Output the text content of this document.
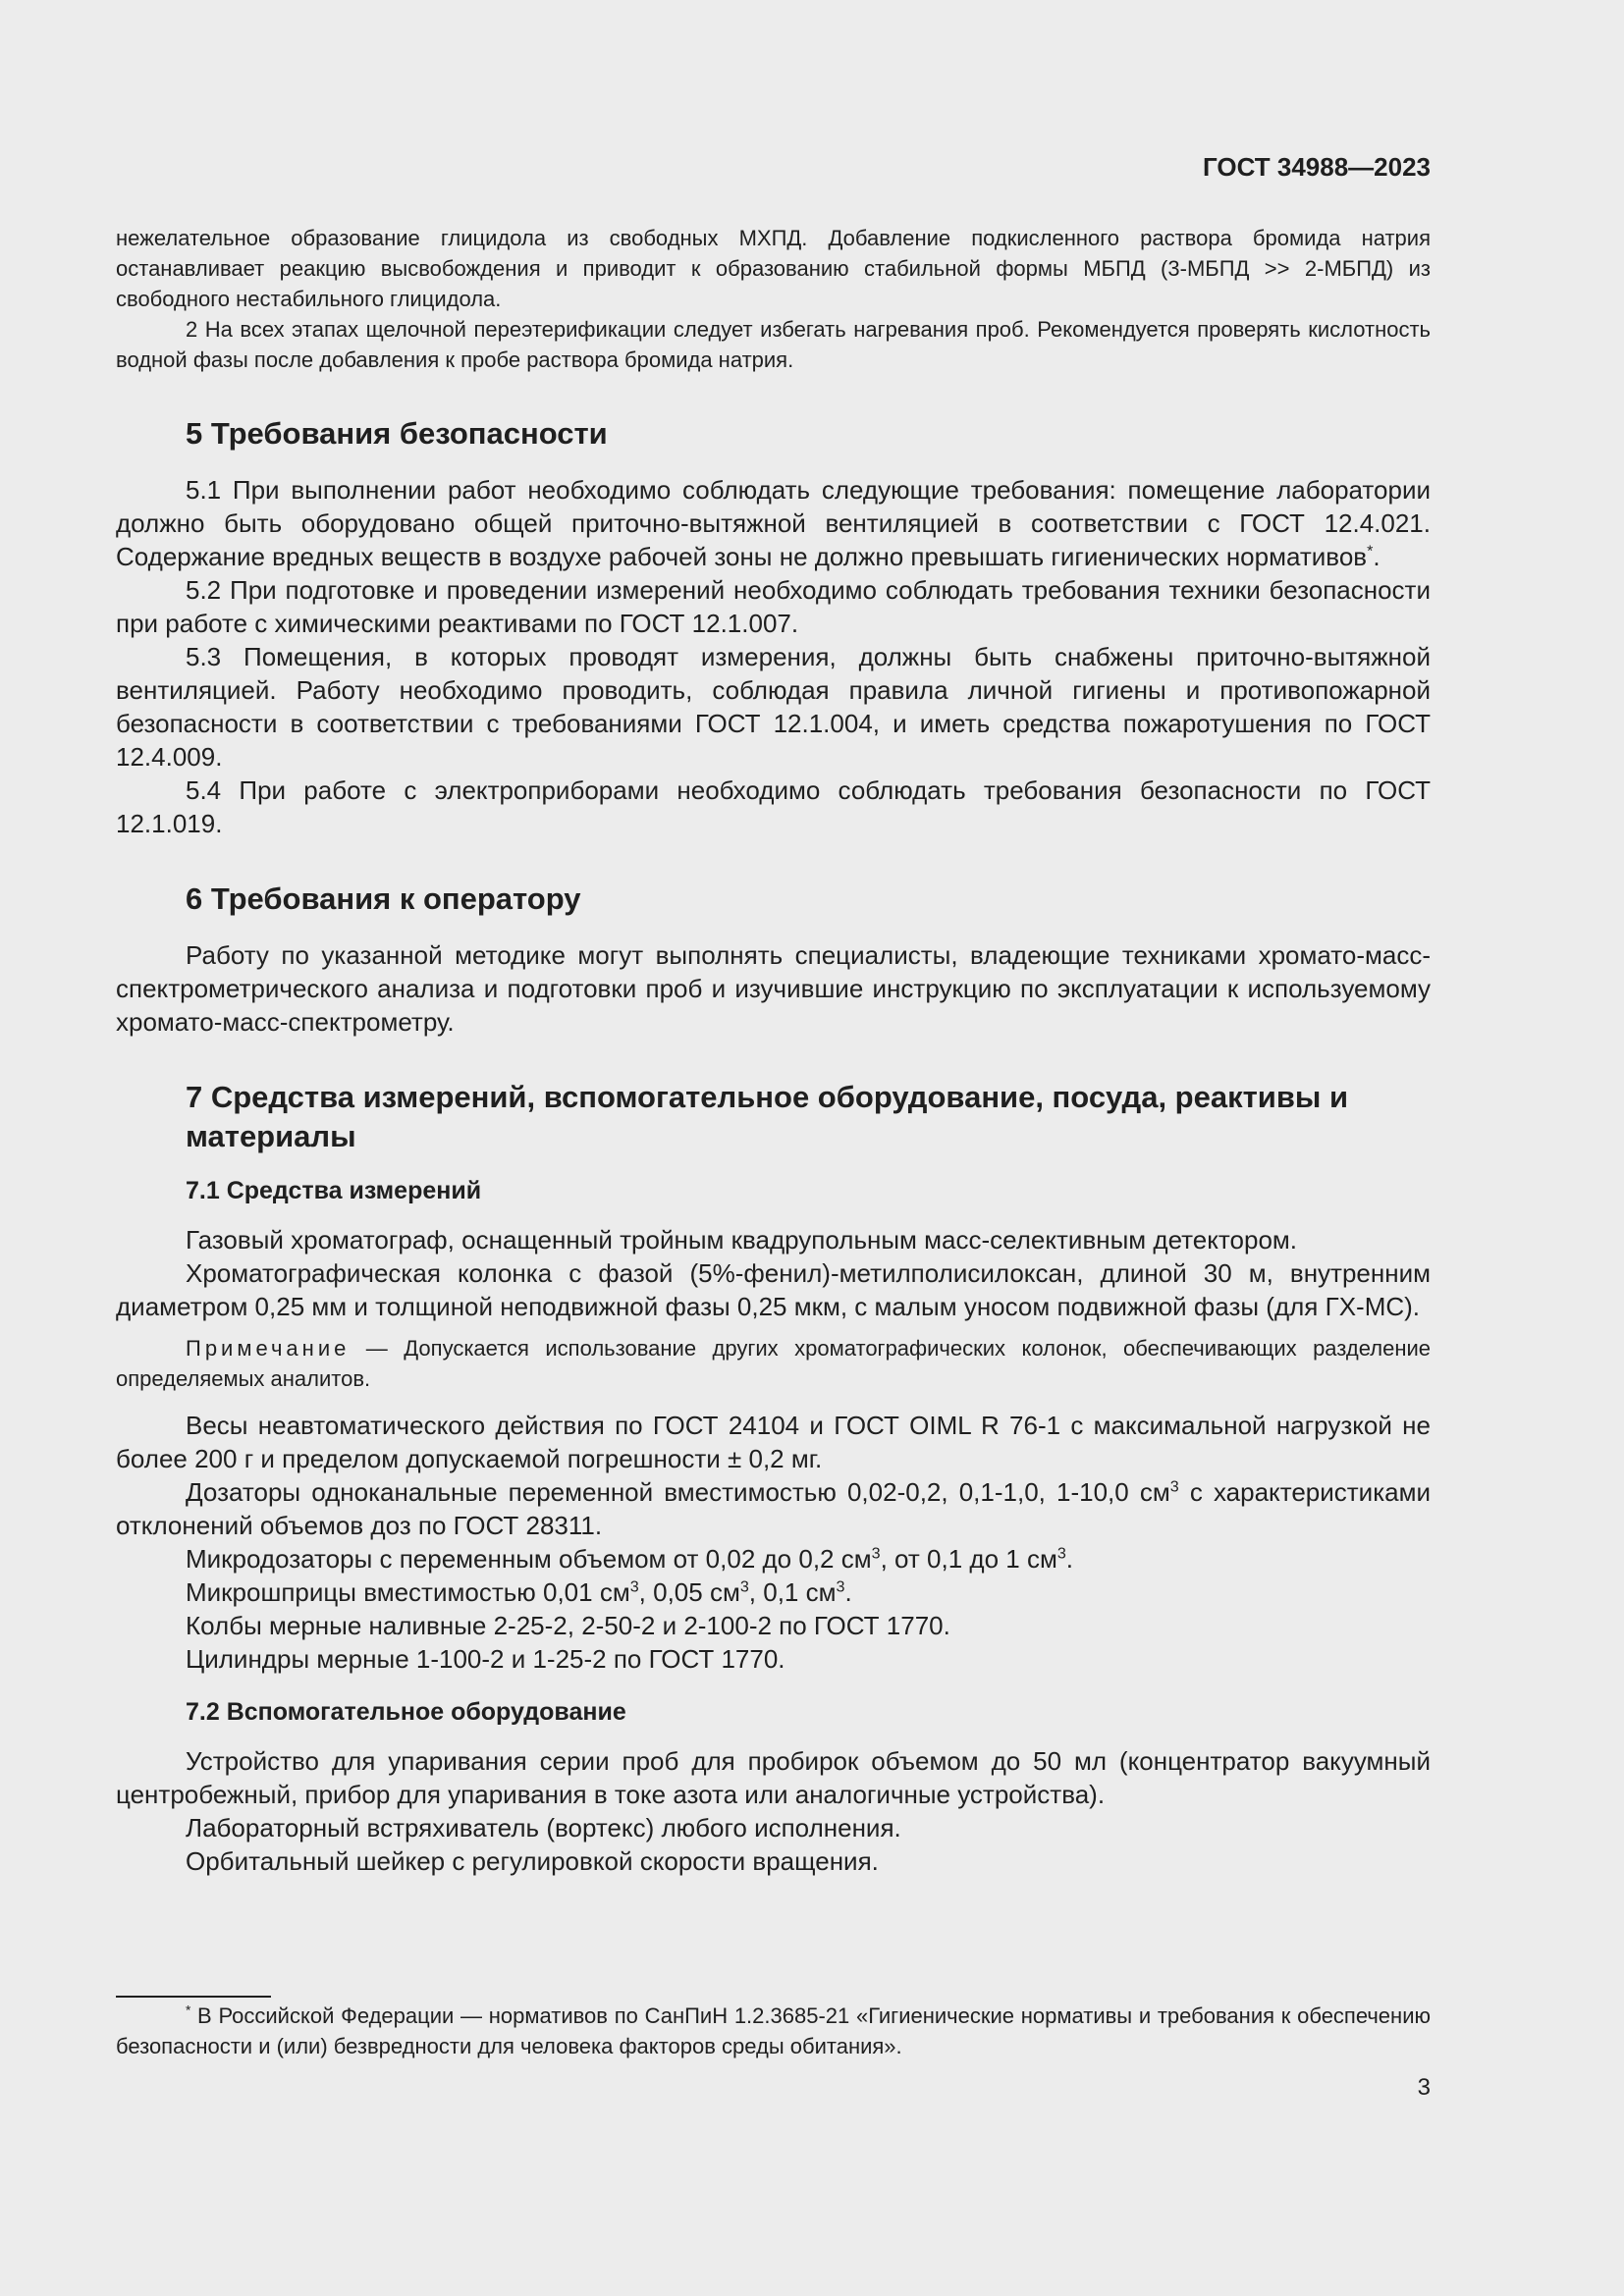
ГОСТ 34988—2023

нежелательное образование глицидола из свободных МХПД. Добавление подкисленного раствора бромида натрия останавливает реакцию высвобождения и приводит к образованию стабильной формы МБПД (3-МБПД >> 2-МБПД) из свободного нестабильного глицидола.

2 На всех этапах щелочной переэтерификации следует избегать нагревания проб. Рекомендуется проверять кислотность водной фазы после добавления к пробе раствора бромида натрия.

5 Требования безопасности

5.1 При выполнении работ необходимо соблюдать следующие требования: помещение лаборатории должно быть оборудовано общей приточно-вытяжной вентиляцией в соответствии с ГОСТ 12.4.021. Содержание вредных веществ в воздухе рабочей зоны не должно превышать гигиенических нормативов*.

5.2 При подготовке и проведении измерений необходимо соблюдать требования техники безопасности при работе с химическими реактивами по ГОСТ 12.1.007.

5.3 Помещения, в которых проводят измерения, должны быть снабжены приточно-вытяжной вентиляцией. Работу необходимо проводить, соблюдая правила личной гигиены и противопожарной безопасности в соответствии с требованиями ГОСТ 12.1.004, и иметь средства пожаротушения по ГОСТ 12.4.009.

5.4 При работе с электроприборами необходимо соблюдать требования безопасности по ГОСТ 12.1.019.

6 Требования к оператору

Работу по указанной методике могут выполнять специалисты, владеющие техниками хромато-масс-спектрометрического анализа и подготовки проб и изучившие инструкцию по эксплуатации к используемому хромато-масс-спектрометру.

7 Средства измерений, вспомогательное оборудование, посуда, реактивы и материалы
7.1 Средства измерений

Газовый хроматограф, оснащенный тройным квадрупольным масс-селективным детектором.

Хроматографическая колонка с фазой (5%-фенил)-метилполисилоксан, длиной 30 м, внутренним диаметром 0,25 мм и толщиной неподвижной фазы 0,25 мкм, с малым уносом подвижной фазы (для ГХ-МС).

Примечание — Допускается использование других хроматографических колонок, обеспечивающих разделение определяемых аналитов.

Весы неавтоматического действия по ГОСТ 24104 и ГОСТ OIML R 76-1 с максимальной нагрузкой не более 200 г и пределом допускаемой погрешности ± 0,2 мг.

Дозаторы одноканальные переменной вместимостью 0,02-0,2, 0,1-1,0, 1-10,0 $см^3$ с характеристиками отклонений объемов доз по ГОСТ 28311.

Микродозаторы с переменным объемом от 0,02 до 0,2 $см^3$, от 0,1 до 1 $см^3$.

Микрошприцы вместимостью 0,01 $см^3$, 0,05 $см^3$, 0,1 $см^3$.

Колбы мерные наливные 2-25-2, 2-50-2 и 2-100-2 по ГОСТ 1770.

Цилиндры мерные 1-100-2 и 1-25-2 по ГОСТ 1770.

7.2 Вспомогательное оборудование

Устройство для упаривания серии проб для пробирок объемом до 50 мл (концентратор вакуумный центробежный, прибор для упаривания в токе азота или аналогичные устройства).

Лабораторный встряхиватель (вортекс) любого исполнения.

Орбитальный шейкер с регулировкой скорости вращения.

* В Российской Федерации — нормативов по СанПиН 1.2.3685-21 «Гигиенические нормативы и требования к обеспечению безопасности и (или) безвредности для человека факторов среды обитания».

3
